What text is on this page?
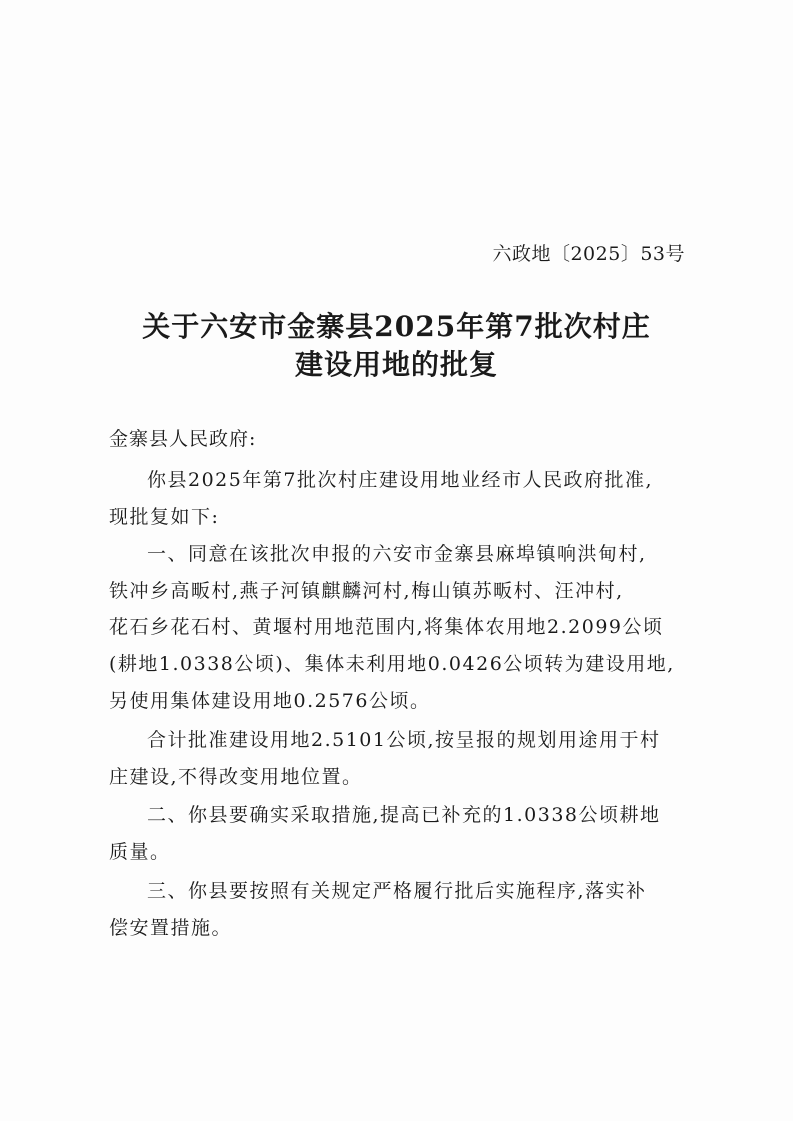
六政地〔2025〕53号
关于六安市金寨县2025年第7批次村庄
建设用地的批复
金寨县人民政府:
你县2025年第7批次村庄建设用地业经市人民政府批准,
现批复如下:
一、同意在该批次申报的六安市金寨县麻埠镇响洪甸村,
铁冲乡高畈村,燕子河镇麒麟河村,梅山镇苏畈村、汪冲村,
花石乡花石村、黄堰村用地范围内,将集体农用地2.2099公顷
(耕地1.0338公顷)、集体未利用地0.0426公顷转为建设用地,
另使用集体建设用地0.2576公顷。
合计批准建设用地2.5101公顷,按呈报的规划用途用于村
庄建设,不得改变用地位置。
二、你县要确实采取措施,提高已补充的1.0338公顷耕地
质量。
三、你县要按照有关规定严格履行批后实施程序,落实补
偿安置措施。
